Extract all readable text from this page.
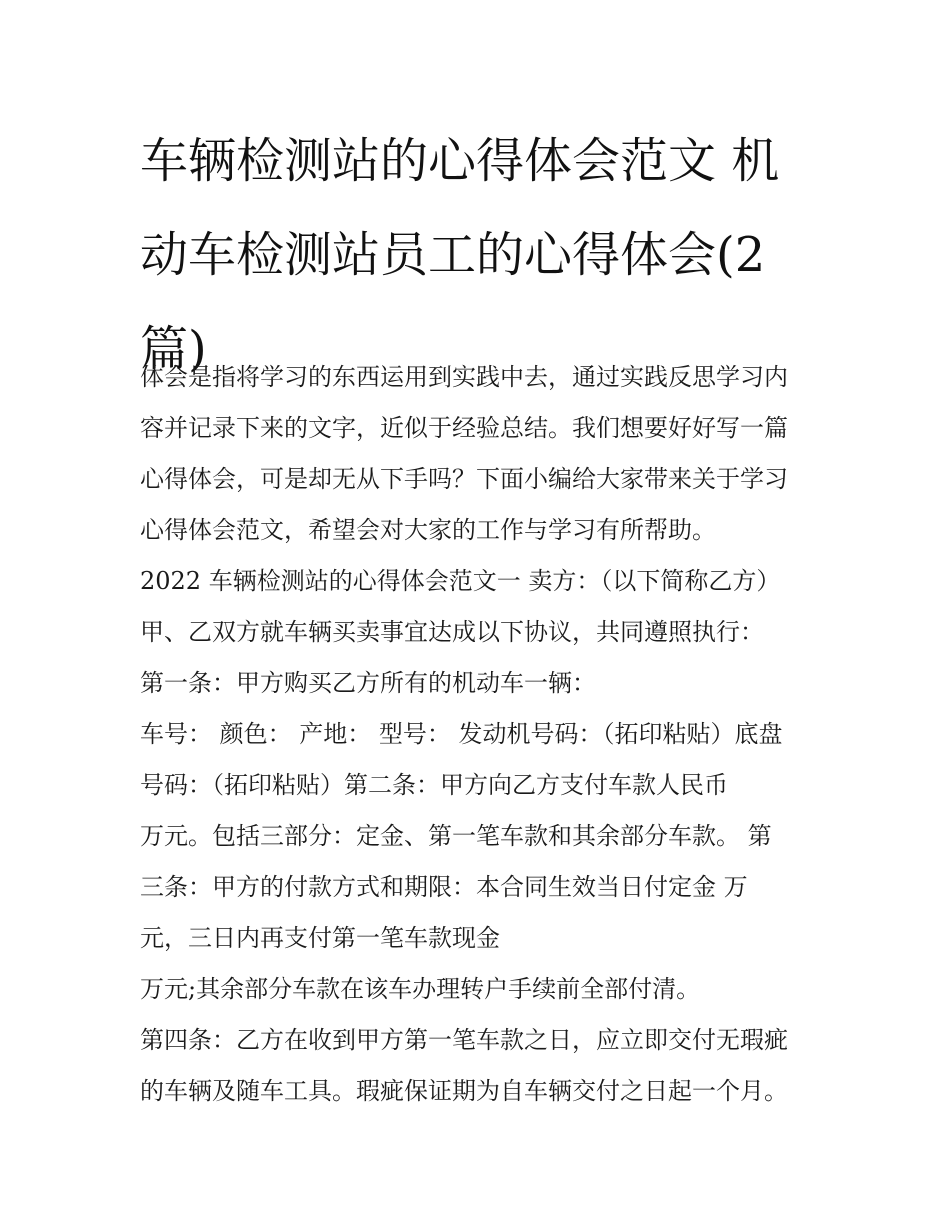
车辆检测站的心得体会范文 机
动车检测站员工的心得体会(2
篇)
体会是指将学习的东西运用到实践中去，通过实践反思学习内
容并记录下来的文字，近似于经验总结。我们想要好好写一篇
心得体会，可是却无从下手吗？下面小编给大家带来关于学习
心得体会范文，希望会对大家的工作与学习有所帮助。
2022 车辆检测站的心得体会范文一 卖方：（以下简称乙方）
甲、乙双方就车辆买卖事宜达成以下协议，共同遵照执行：
第一条：甲方购买乙方所有的机动车一辆：
车号： 颜色： 产地： 型号： 发动机号码：（拓印粘贴）底盘
号码：（拓印粘贴）第二条：甲方向乙方支付车款人民币
万元。包括三部分：定金、第一笔车款和其余部分车款。 第
三条：甲方的付款方式和期限：本合同生效当日付定金 万
元，三日内再支付第一笔车款现金
万元;其余部分车款在该车办理转户手续前全部付清。
第四条：乙方在收到甲方第一笔车款之日，应立即交付无瑕疵
的车辆及随车工具。瑕疵保证期为自车辆交付之日起一个月。
